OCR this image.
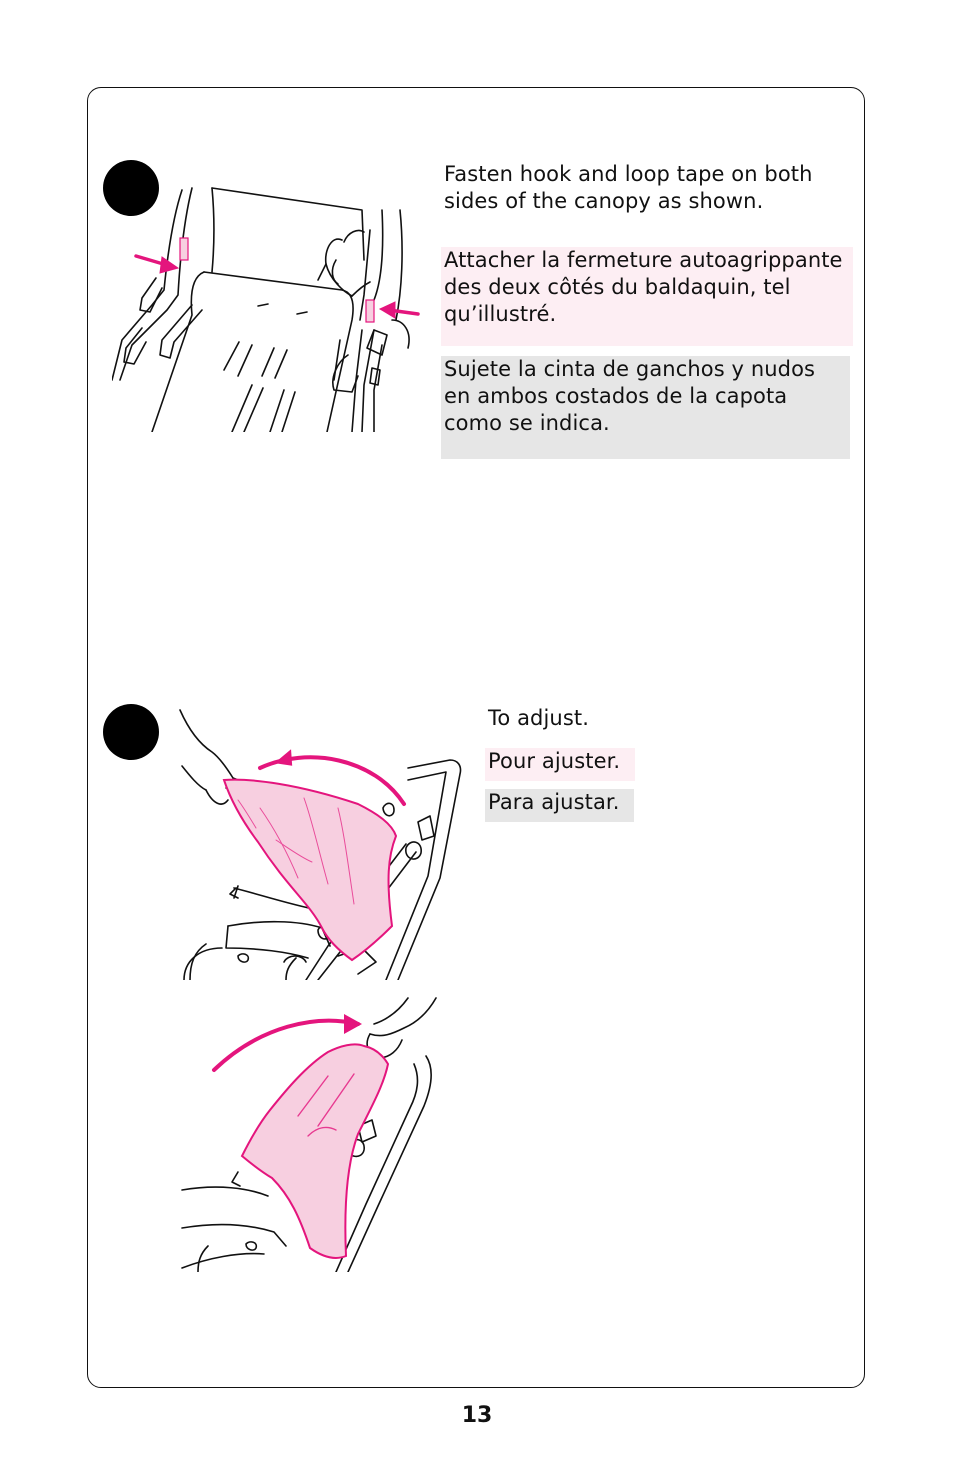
Fasten hook and loop tape on both
sides of the canopy as shown.
Attacher la fermeture autoagrippante
des deux côtés du baldaquin, tel
qu’illustré.
Sujete la cinta de ganchos y nudos
en ambos costados de la capota
como se indica.
To adjust.
Pour ajuster.
Para ajustar.
13
